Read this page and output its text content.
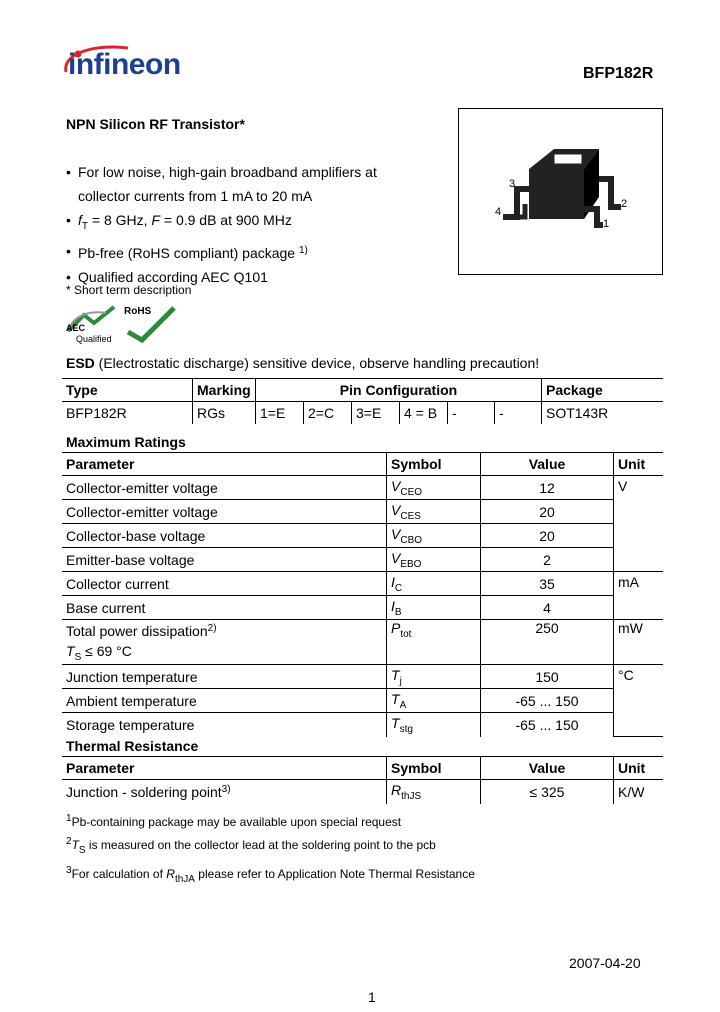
infineon	BFP182R
NPN Silicon RF Transistor*
• For low noise, high-gain broadband amplifiers at
collector currents from 1 mA to 20 mA
• $f_T = 8$ GHz, F = 0.9 dB at 900 MHz
• Pb-free (RoHS compliant) package $^{1)}$
• Qualified according AEC Q101
* Short term description
AEC
Qualified
RoHS
3
4
2
1
ESD (Electrostatic discharge) sensitive device, observe handling precaution!
Type	Marking	Pin Configuration						Package
BFP182R	RGs	1=E	2=C	3=E	4 = B	-	-	SOT143R
Maximum Ratings
Parameter	Symbol	Value	Unit
Collector-emitter voltage	$V_{CEO}$	12	V
Collector-emitter voltage	$V_{CES}$	20	
Collector-base voltage	$V_{CBO}$	20	
Emitter-base voltage	$V_{EBO}$	2	
Collector current	$I_C$	35	mA
Base current	$I_B$	4	
Total power dissipation$^{2)}$	$P_{tot}$	250	mW
$T_S \le 69$ °C			
Junction temperature	$T_j$	150	°C
Ambient temperature	$T_A$	-65 ... 150	
Storage temperature	$T_{stg}$	-65 ... 150	
Thermal Resistance
Parameter	Symbol	Value	Unit
Junction - soldering point$^{3)}$	$R_{thJS}$	≤ 325	K/W
$^1$Pb-containing package may be available upon special request
$^2T_S$ is measured on the collector lead at the soldering point to the pcb
$^3$For calculation of $R_{thJA}$ please refer to Application Note Thermal Resistance
2007-04-20
1
